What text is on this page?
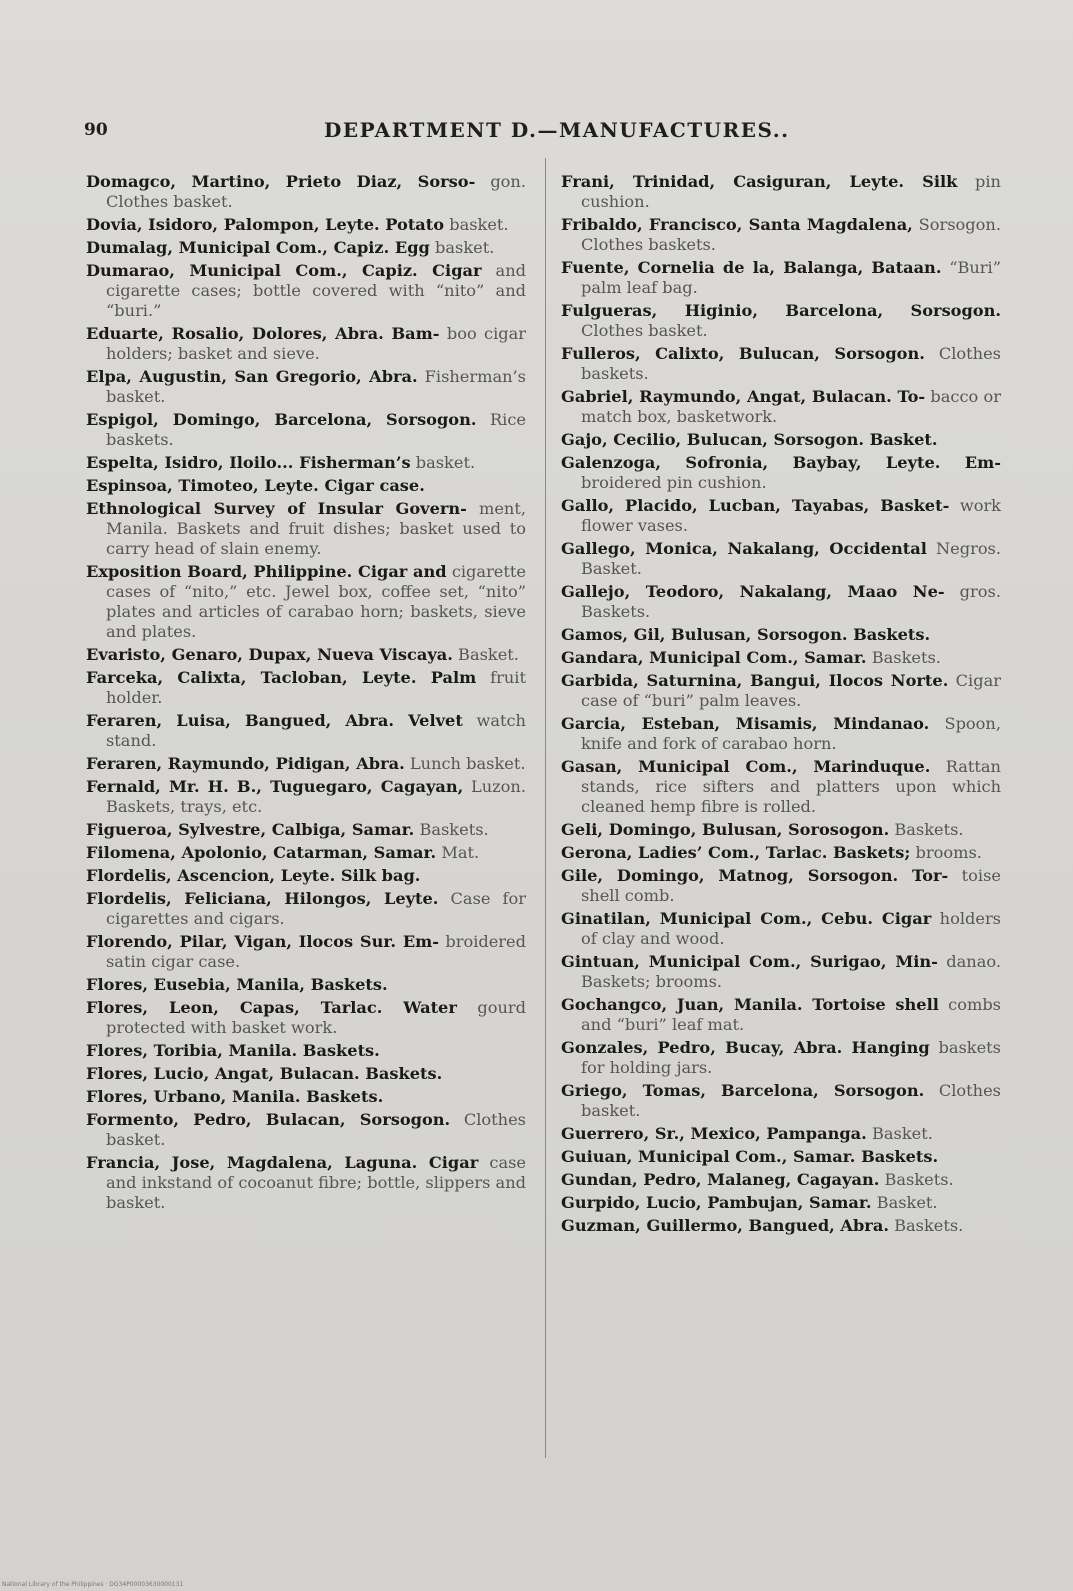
90	DEPARTMENT D.—MANUFACTURES..
Domagco, Martino, Prieto Diaz, Sorso- gon. Clothes basket.
Dovia, Isidoro, Palompon, Leyte. Potato basket.
Dumalag, Municipal Com., Capiz. Egg basket.
Dumarao, Municipal Com., Capiz. Cigar and cigarette cases; bottle covered with “nito” and “buri.”
Eduarte, Rosalio, Dolores, Abra. Bam- boo cigar holders; basket and sieve.
Elpa, Augustin, San Gregorio, Abra. Fisherman’s basket.
Espigol, Domingo, Barcelona, Sorsogon. Rice baskets.
Espelta, Isidro, Iloilo... Fisherman’s basket.
Espinsoa, Timoteo, Leyte. Cigar case.
Ethnological Survey of Insular Govern- ment, Manila. Baskets and fruit dishes; basket used to carry head of slain enemy.
Exposition Board, Philippine. Cigar and cigarette cases of “nito,” etc. Jewel box, coffee set, “nito” plates and articles of carabao horn; baskets, sieve and plates.
Evaristo, Genaro, Dupax, Nueva Viscaya. Basket.
Farceka, Calixta, Tacloban, Leyte. Palm fruit holder.
Feraren, Luisa, Bangued, Abra. Velvet watch stand.
Feraren, Raymundo, Pidigan, Abra. Lunch basket.
Fernald, Mr. H. B., Tuguegaro, Cagayan, Luzon. Baskets, trays, etc.
Figueroa, Sylvestre, Calbiga, Samar. Baskets.
Filomena, Apolonio, Catarman, Samar. Mat.
Flordelis, Ascencion, Leyte. Silk bag.
Flordelis, Feliciana, Hilongos, Leyte. Case for cigarettes and cigars.
Florendo, Pilar, Vigan, Ilocos Sur. Em- broidered satin cigar case.
Flores, Eusebia, Manila, Baskets.
Flores, Leon, Capas, Tarlac. Water gourd protected with basket work.
Flores, Toribia, Manila. Baskets.
Flores, Lucio, Angat, Bulacan. Baskets.
Flores, Urbano, Manila. Baskets.
Formento, Pedro, Bulacan, Sorsogon. Clothes basket.
Francia, Jose, Magdalena, Laguna. Cigar case and inkstand of cocoanut fibre; bottle, slippers and basket.
Frani, Trinidad, Casiguran, Leyte. Silk pin cushion.
Fribaldo, Francisco, Santa Magdalena, Sorsogon. Clothes baskets.
Fuente, Cornelia de la, Balanga, Bataan. “Buri” palm leaf bag.
Fulgueras, Higinio, Barcelona, Sorsogon. Clothes basket.
Fulleros, Calixto, Bulucan, Sorsogon. Clothes baskets.
Gabriel, Raymundo, Angat, Bulacan. To- bacco or match box, basketwork.
Gajo, Cecilio, Bulucan, Sorsogon. Basket.
Galenzoga, Sofronia, Baybay, Leyte. Em- broidered pin cushion.
Gallo, Placido, Lucban, Tayabas, Basket- work flower vases.
Gallego, Monica, Nakalang, Occidental Negros. Basket.
Gallejo, Teodoro, Nakalang, Maao Ne- gros. Baskets.
Gamos, Gil, Bulusan, Sorsogon. Baskets.
Gandara, Municipal Com., Samar. Baskets.
Garbida, Saturnina, Bangui, Ilocos Norte. Cigar case of “buri” palm leaves.
Garcia, Esteban, Misamis, Mindanao. Spoon, knife and fork of carabao horn.
Gasan, Municipal Com., Marinduque. Rattan stands, rice sifters and platters upon which cleaned hemp fibre is rolled.
Geli, Domingo, Bulusan, Sorosogon. Baskets.
Gerona, Ladies’ Com., Tarlac. Baskets; brooms.
Gile, Domingo, Matnog, Sorsogon. Tor- toise shell comb.
Ginatilan, Municipal Com., Cebu. Cigar holders of clay and wood.
Gintuan, Municipal Com., Surigao, Min- danao. Baskets; brooms.
Gochangco, Juan, Manila. Tortoise shell combs and “buri” leaf mat.
Gonzales, Pedro, Bucay, Abra. Hanging baskets for holding jars.
Griego, Tomas, Barcelona, Sorsogon. Clothes basket.
Guerrero, Sr., Mexico, Pampanga. Basket.
Guiuan, Municipal Com., Samar. Baskets.
Gundan, Pedro, Malaneg, Cagayan. Baskets.
Gurpido, Lucio, Pambujan, Samar. Basket.
Guzman, Guillermo, Bangued, Abra. Baskets.
National Library of the Philippines · DG34P00003630000131
